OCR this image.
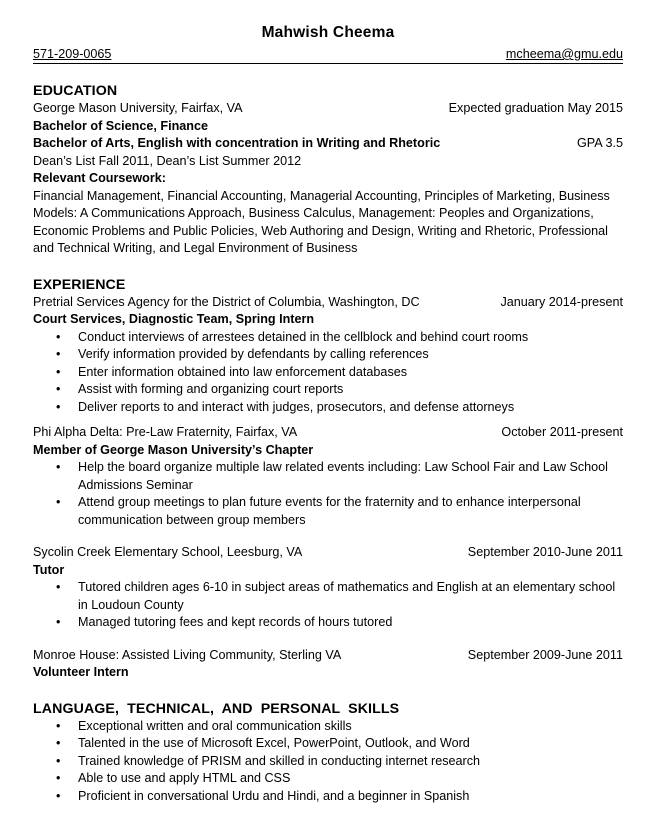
Mahwish Cheema
571-209-0065	mcheema@gmu.edu
EDUCATION
George Mason University, Fairfax, VA	Expected graduation May 2015
Bachelor of Science, Finance
Bachelor of Arts, English with concentration in Writing and Rhetoric	GPA 3.5
Dean’s List Fall 2011, Dean’s List Summer 2012
Relevant Coursework:

Financial Management, Financial Accounting, Managerial Accounting, Principles of Marketing, Business Models: A Communications Approach, Business Calculus, Management: Peoples and Organizations, Economic Problems and Public Policies, Web Authoring and Design, Writing and Rhetoric, Professional and Technical Writing, and Legal Environment of Business

EXPERIENCE
Pretrial Services Agency for the District of Columbia, Washington, DC	January 2014-present
Court Services, Diagnostic Team, Spring Intern
• Conduct interviews of arrestees detained in the cellblock and behind court rooms
• Verify information provided by defendants by calling references
• Enter information obtained into law enforcement databases
• Assist with forming and organizing court reports
• Deliver reports to and interact with judges, prosecutors, and defense attorneys
Phi Alpha Delta: Pre-Law Fraternity, Fairfax, VA	October 2011-present
Member of George Mason University’s Chapter
• Help the board organize multiple law related events including: Law School Fair and Law School Admissions Seminar
• Attend group meetings to plan future events for the fraternity and to enhance interpersonal communication between group members
Sycolin Creek Elementary School, Leesburg, VA	September 2010-June 2011
Tutor
• Tutored children ages 6-10 in subject areas of mathematics and English at an elementary school in Loudoun County
• Managed tutoring fees and kept records of hours tutored
Monroe House: Assisted Living Community, Sterling VA	September 2009-June 2011
Volunteer Intern
LANGUAGE,  TECHNICAL,  AND  PERSONAL  SKILLS
• Exceptional written and oral communication skills
• Talented in the use of Microsoft Excel, PowerPoint, Outlook, and Word
• Trained knowledge of PRISM and skilled in conducting internet research
• Able to use and apply HTML and CSS
• Proficient in conversational Urdu and Hindi, and a beginner in Spanish
